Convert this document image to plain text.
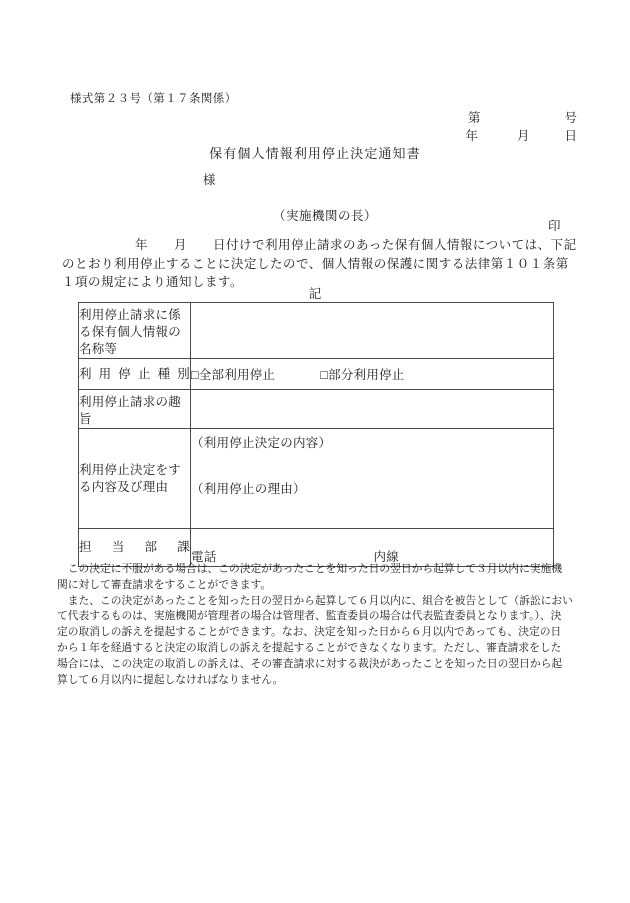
様式第２３号（第１７条関係）
第	号
年	月	日
保有個人情報利用停止決定通知書
様
（実施機関の長）
印
年　　月　　日付けで利用停止請求のあった保有個人情報については、下記
のとおり利用停止することに決定したので、個人情報の保護に関する法律第１０１条第
１項の規定により通知します。
記
利用停止請求に係
る保有個人情報の
名称等	

利用停止種別	□全部利用停止 □部分利用停止

利用停止請求の趣
旨	

利用停止決定をす
る内容及び理由

（利用停止決定の内容）
（利用停止の理由）

担当部課	電話 内線
　この決定に不服がある場合は、この決定があったことを知った日の翌日から起算して３月以内に実施機
関に対して審査請求をすることができます。
　また、この決定があったことを知った日の翌日から起算して６月以内に、組合を被告として（訴訟におい
て代表するものは、実施機関が管理者の場合は管理者、監査委員の場合は代表監査委員となります。）、決
定の取消しの訴えを提起することができます。なお、決定を知った日から６月以内であっても、決定の日
から１年を経過すると決定の取消しの訴えを提起することができなくなります。ただし、審査請求をした
場合には、この決定の取消しの訴えは、その審査請求に対する裁決があったことを知った日の翌日から起
算して６月以内に提起しなければなりません。
